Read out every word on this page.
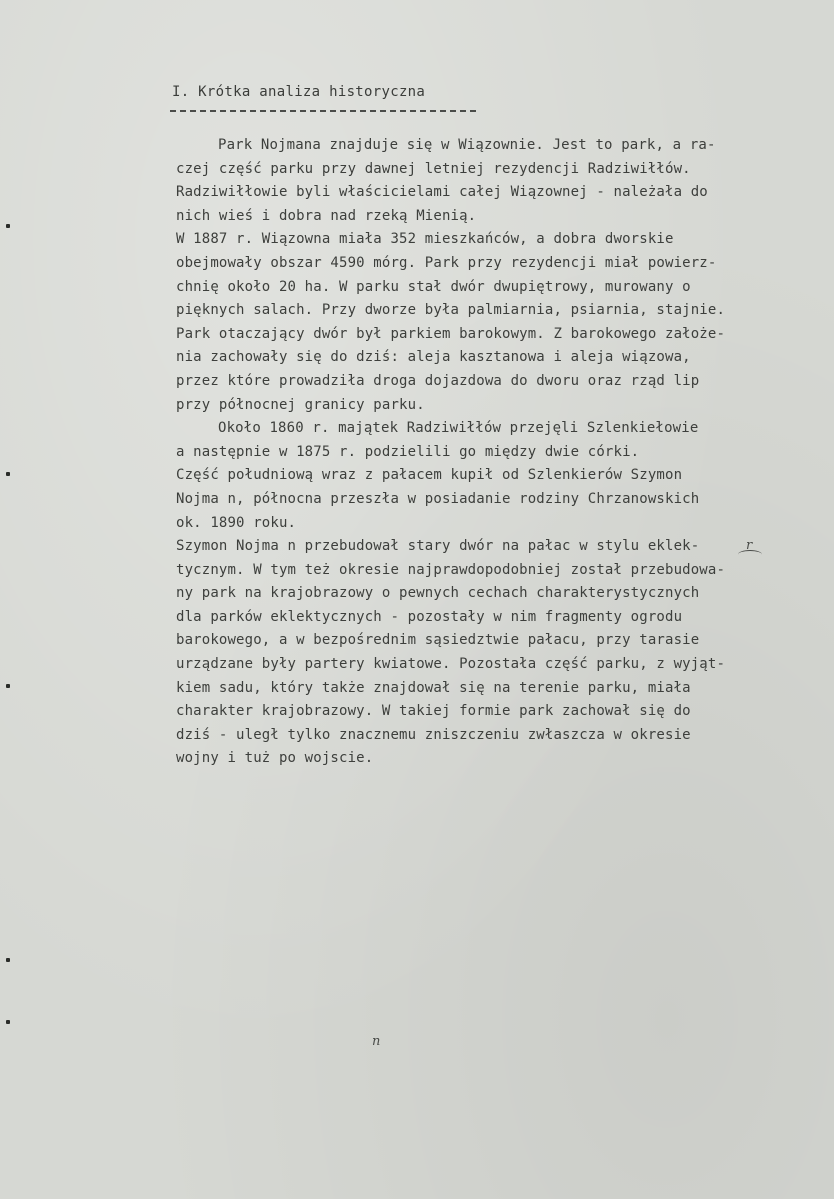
I. Krótka analiza historyczna
Park Nojmana znajduje się w Wiązownie. Jest to park, a ra-
czej część parku przy dawnej letniej rezydencji Radziwiłłów.
Radziwiłłowie byli właścicielami całej Wiązownej - należała do
nich wieś i dobra nad rzeką Mienią.
W 1887 r. Wiązowna miała 352 mieszkańców, a dobra dworskie
obejmowały obszar 4590 mórg. Park przy rezydencji miał powierz-
chnię około 20 ha. W parku stał dwór dwupiętrowy, murowany o
pięknych salach. Przy dworze była palmiarnia, psiarnia, stajnie.
Park otaczający dwór był parkiem barokowym. Z barokowego założe-
nia zachowały się do dziś: aleja kasztanowa i aleja wiązowa,
przez które prowadziła droga dojazdowa do dworu oraz rząd lip
przy północnej granicy parku.
Około 1860 r. majątek Radziwiłłów przejęli Szlenkiełowie
a następnie w 1875 r. podzielili go między dwie córki.
Część południową wraz z pałacem kupił od Szlenkierów Szymon
Nojma n, północna przeszła w posiadanie rodziny Chrzanowskich
ok. 1890 roku.
Szymon Nojma n przebudował stary dwór na pałac w stylu eklek-
tycznym. W tym też okresie najprawdopodobniej został przebudowa-
ny park na krajobrazowy o pewnych cechach charakterystycznych
dla parków eklektycznych - pozostały w nim fragmenty ogrodu
barokowego, a w bezpośrednim sąsiedztwie pałacu, przy tarasie
urządzane były partery kwiatowe. Pozostała część parku, z wyjąt-
kiem sadu, który także znajdował się na terenie parku, miała
charakter krajobrazowy. W takiej formie park zachował się do
dziś - uległ tylko znacznemu zniszczeniu zwłaszcza w okresie
wojny i tuż po wojscie.
r
n
